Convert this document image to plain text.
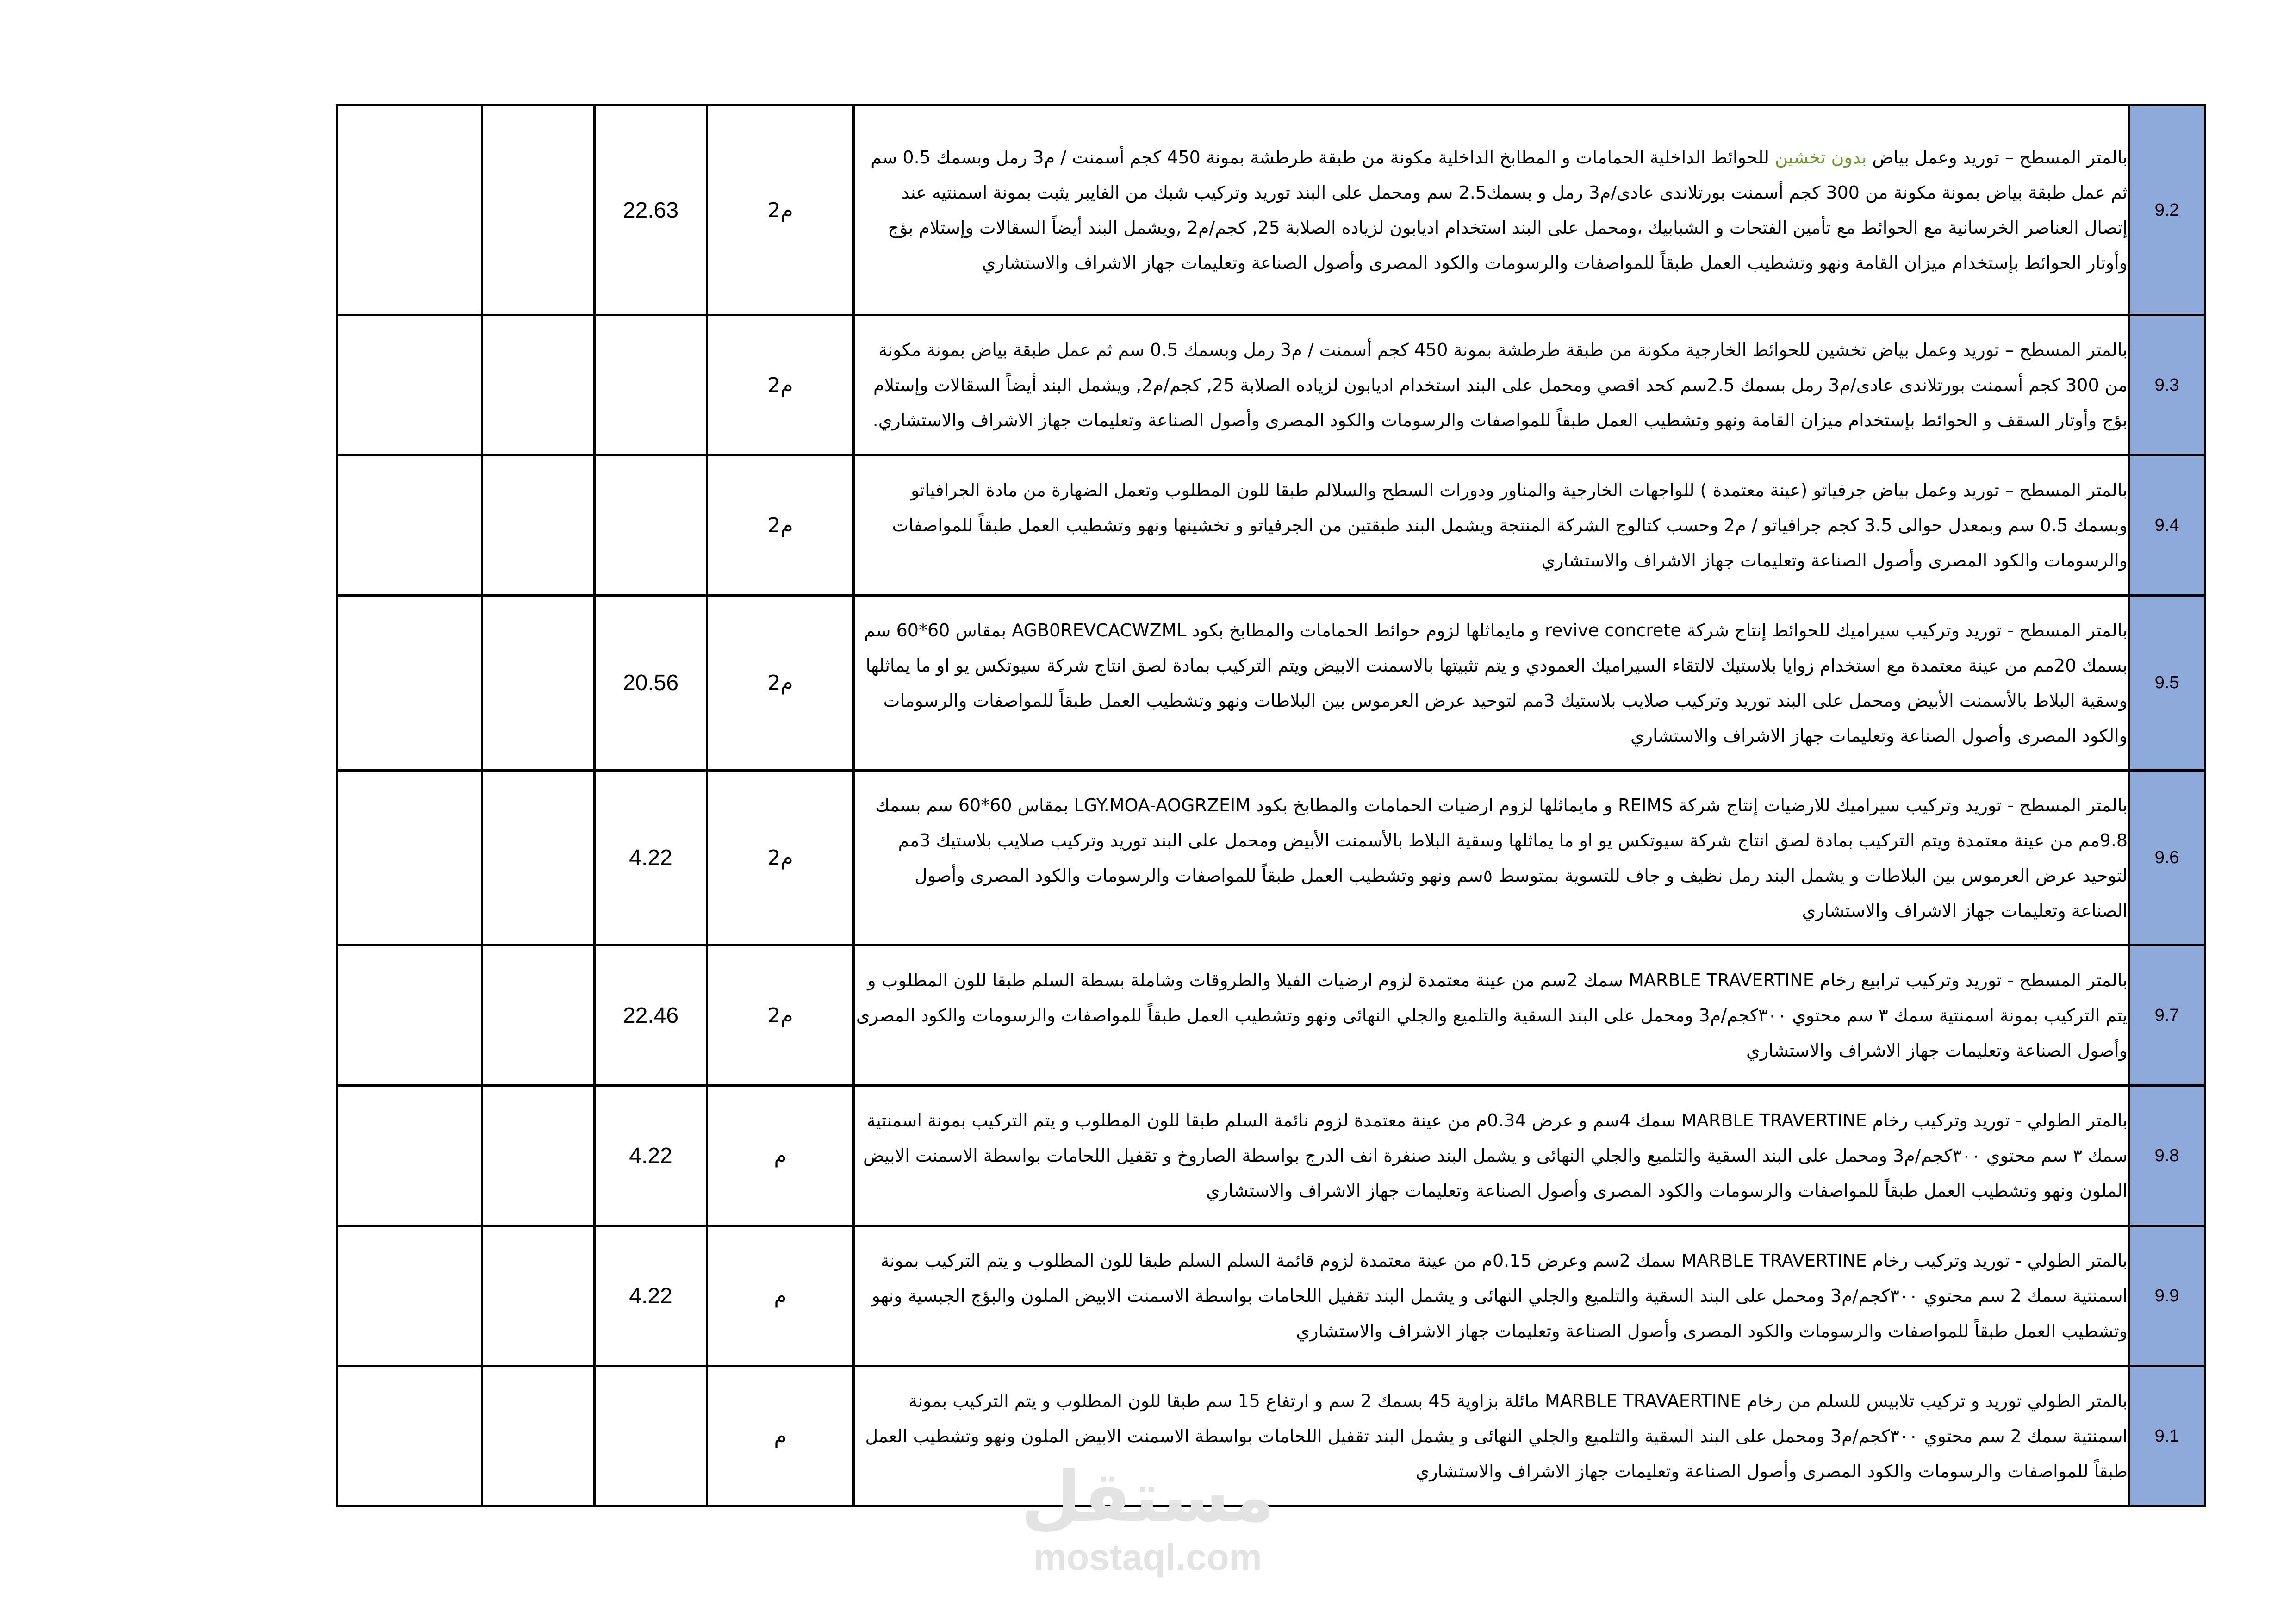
		22.63	م2	بالمتر المسطح – توريد وعمل بياض بدون تخشين للحوائط الداخلية الحمامات و المطابخ الداخلية مكونة من طبقة طرطشة بمونة 450 كجم أسمنت / م3 رمل وبسمك 0.5 سم ثم عمل طبقة بياض بمونة مكونة من 300 كجم أسمنت بورتلاندى عادى/م3 رمل و بسمك2.5 سم ومحمل على البند توريد وتركيب شبك من الفايبر يثبت بمونة اسمنتيه عند إتصال العناصر الخرسانية مع الحوائط مع تأمين الفتحات و الشبابيك ،ومحمل على البند استخدام اديابون لزياده الصلابة 25, كجم/م2 ,ويشمل البند أيضاً السقالات وإستلام بؤج وأوتار الحوائط بإستخدام ميزان القامة ونهو وتشطيب العمل طبقاً للمواصفات والرسومات والكود المصرى وأصول الصناعة وتعليمات جهاز الاشراف والاستشاري	9.2
			م2	بالمتر المسطح – توريد وعمل بياض تخشين للحوائط الخارجية مكونة من طبقة طرطشة بمونة 450 كجم أسمنت / م3 رمل وبسمك 0.5 سم ثم عمل طبقة بياض بمونة مكونة من 300 كجم أسمنت بورتلاندى عادى/م3 رمل بسمك 2.5سم كحد اقصي ومحمل على البند استخدام اديابون لزياده الصلابة 25, كجم/م2, ويشمل البند أيضاً السقالات وإستلام بؤج وأوتار السقف و الحوائط بإستخدام ميزان القامة ونهو وتشطيب العمل طبقاً للمواصفات والرسومات والكود المصرى وأصول الصناعة وتعليمات جهاز الاشراف والاستشاري.	9.3
			م2	بالمتر المسطح – توريد وعمل بياض جرفياتو (عينة معتمدة ) للواجهات الخارجية والمناور ودورات السطح والسلالم طبقا للون المطلوب وتعمل الضهارة من مادة الجرافياتو وبسمك 0.5 سم وبمعدل حوالى 3.5 كجم جرافياتو / م2 وحسب كتالوج الشركة المنتجة ويشمل البند طبقتين من الجرفياتو و تخشينها ونهو وتشطيب العمل طبقاً للمواصفات والرسومات والكود المصرى وأصول الصناعة وتعليمات جهاز الاشراف والاستشاري	9.4
		20.56	م2	بالمتر المسطح - توريد وتركيب سيراميك للحوائط إنتاج شركة revive concrete و مايماثلها لزوم حوائط الحمامات والمطابخ بكود AGB0REVCACWZML بمقاس 60*60 سم بسمك 20مم من عينة معتمدة مع استخدام زوايا بلاستيك لالتقاء السيراميك العمودي و يتم تثبيتها بالاسمنت الابيض ويتم التركيب بمادة لصق انتاج شركة سيوتكس يو او ما يماثلها وسقية البلاط بالأسمنت الأبيض ومحمل على البند توريد وتركيب صلايب بلاستيك 3مم لتوحيد عرض العرموس بين البلاطات ونهو وتشطيب العمل طبقاً للمواصفات والرسومات والكود المصرى وأصول الصناعة وتعليمات جهاز الاشراف والاستشاري	9.5
		4.22	م2	بالمتر المسطح - توريد وتركيب سيراميك للارضيات إنتاج شركة REIMS و مايماثلها لزوم ارضيات الحمامات والمطابخ بكود LGY.MOA-AOGRZEIM بمقاس 60*60 سم بسمك 9.8مم من عينة معتمدة ويتم التركيب بمادة لصق انتاج شركة سيوتكس يو او ما يماثلها وسقية البلاط بالأسمنت الأبيض ومحمل على البند توريد وتركيب صلايب بلاستيك 3مم لتوحيد عرض العرموس بين البلاطات و يشمل البند رمل نظيف و جاف للتسوية بمتوسط ٥سم ونهو وتشطيب العمل طبقاً للمواصفات والرسومات والكود المصرى وأصول الصناعة وتعليمات جهاز الاشراف والاستشاري	9.6
		22.46	م2	بالمتر المسطح - توريد وتركيب ترابيع رخام MARBLE TRAVERTINE سمك 2سم من عينة معتمدة لزوم ارضيات الفيلا والطروقات وشاملة بسطة السلم طبقا للون المطلوب و يتم التركيب بمونة اسمنتية سمك ٣ سم محتوي ٣٠٠كجم/م3 ومحمل على البند السقية والتلميع والجلي النهائى ونهو وتشطيب العمل طبقاً للمواصفات والرسومات والكود المصرى وأصول الصناعة وتعليمات جهاز الاشراف والاستشاري	9.7
		4.22	م	بالمتر الطولي - توريد وتركيب رخام MARBLE TRAVERTINE سمك 4سم و عرض 0.34م من عينة معتمدة لزوم نائمة السلم طبقا للون المطلوب و يتم التركيب بمونة اسمنتية سمك ٣ سم محتوي ٣٠٠كجم/م3 ومحمل على البند السقية والتلميع والجلي النهائى و يشمل البند صنفرة انف الدرج بواسطة الصاروخ و تقفيل اللحامات بواسطة الاسمنت الابيض الملون ونهو وتشطيب العمل طبقاً للمواصفات والرسومات والكود المصرى وأصول الصناعة وتعليمات جهاز الاشراف والاستشاري	9.8
		4.22	م	بالمتر الطولي - توريد وتركيب رخام MARBLE TRAVERTINE سمك 2سم وعرض 0.15م من عينة معتمدة لزوم قائمة السلم السلم طبقا للون المطلوب و يتم التركيب بمونة اسمنتية سمك 2 سم محتوي ٣٠٠كجم/م3 ومحمل على البند السقية والتلميع والجلي النهائى و يشمل البند تقفيل اللحامات بواسطة الاسمنت الابيض الملون والبؤج الجبسية ونهو وتشطيب العمل طبقاً للمواصفات والرسومات والكود المصرى وأصول الصناعة وتعليمات جهاز الاشراف والاستشاري	9.9
			م	بالمتر الطولي توريد و تركيب تلابيس للسلم من رخام MARBLE TRAVAERTINE مائلة بزاوية 45 بسمك 2 سم و ارتفاع 15 سم طبقا للون المطلوب و يتم التركيب بمونة اسمنتية سمك 2 سم محتوي ٣٠٠كجم/م3 ومحمل على البند السقية والتلميع والجلي النهائى و يشمل البند تقفيل اللحامات بواسطة الاسمنت الابيض الملون ونهو وتشطيب العمل طبقاً للمواصفات والرسومات والكود المصرى وأصول الصناعة وتعليمات جهاز الاشراف والاستشاري	9.1
مستقل
mostaql.com
